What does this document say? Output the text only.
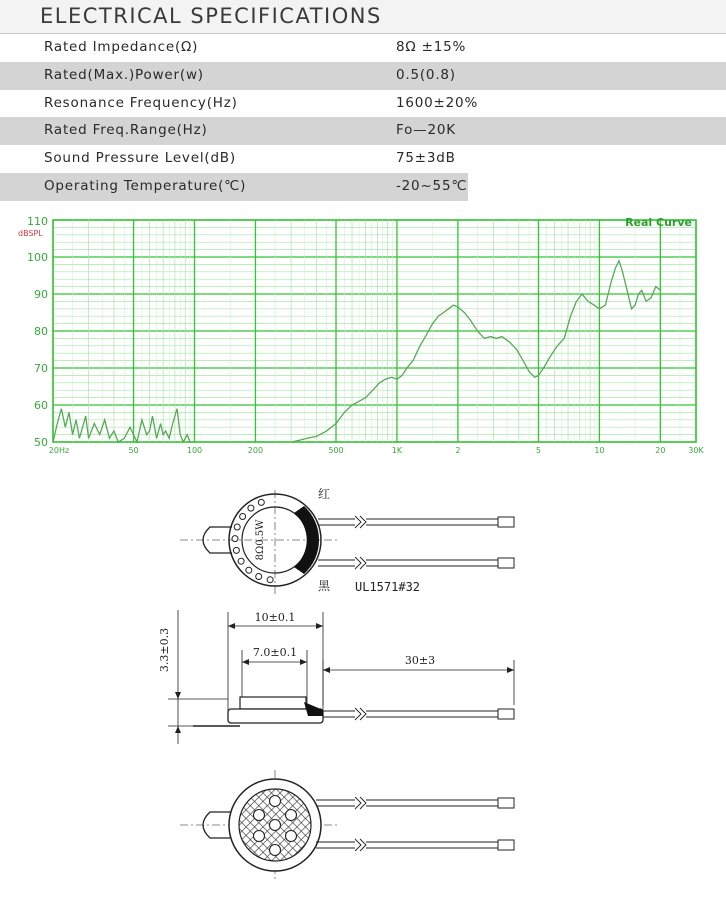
ELECTRICAL SPECIFICATIONS
Rated Impedance(Ω)	8Ω ±15%
Rated(Max.)Power(w)	0.5(0.8)
Resonance Frequency(Hz)	1600±20%
Rated Freq.Range(Hz)	Fo—20K
Sound Pressure Level(dB)	75±3dB
Operating Temperature(℃)	-20~55℃
20Hz	50	100	200	500	1K	2	5	10	20	30K
110
100
90
80
70
60
50
dBSPL
Real Curve
8Ω0.5W
红
黑 UL1571#32
10±0.1
7.0±0.1
3.3±0.3	30±3
